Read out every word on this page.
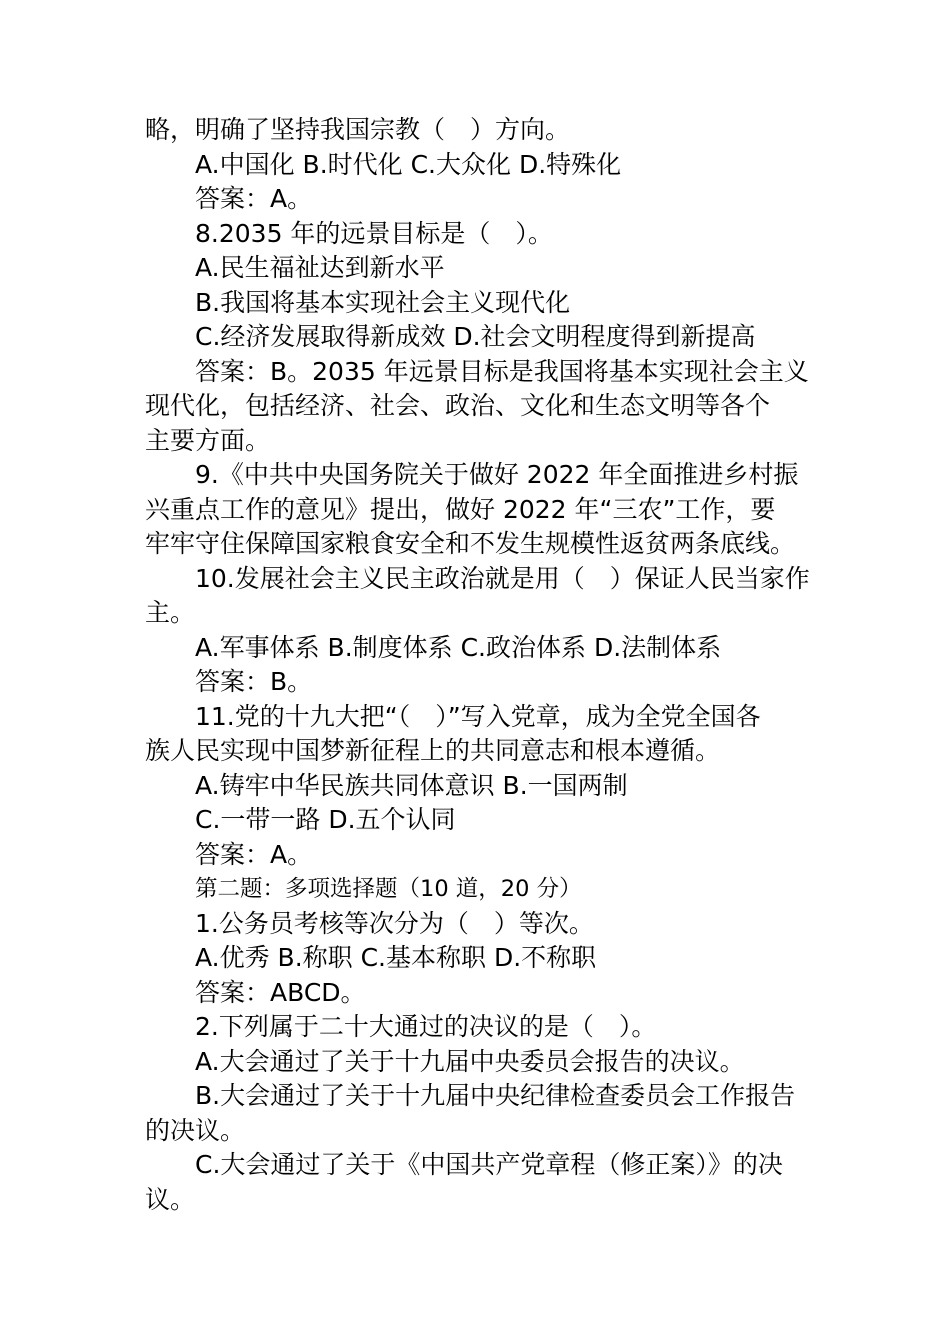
略，明确了坚持我国宗教（　）方向。

A.中国化 B.时代化 C.大众化 D.特殊化

答案：A。

8.2035 年的远景目标是（　）。

A.民生福祉达到新水平

B.我国将基本实现社会主义现代化

C.经济发展取得新成效 D.社会文明程度得到新提高

答案：B。2035 年远景目标是我国将基本实现社会主义

现代化，包括经济、社会、政治、文化和生态文明等各个

主要方面。

9.《中共中央国务院关于做好 2022 年全面推进乡村振

兴重点工作的意见》提出，做好 2022 年“三农”工作，要

牢牢守住保障国家粮食安全和不发生规模性返贫两条底线。

10.发展社会主义民主政治就是用（　）保证人民当家作

主。

A.军事体系 B.制度体系 C.政治体系 D.法制体系

答案：B。

11.党的十九大把“（　）”写入党章，成为全党全国各

族人民实现中国梦新征程上的共同意志和根本遵循。

A.铸牢中华民族共同体意识 B.一国两制

C.一带一路 D.五个认同

答案：A。

第二题：多项选择题（10 道，20 分）

1.公务员考核等次分为（　）等次。

A.优秀 B.称职 C.基本称职 D.不称职

答案：ABCD。

2.下列属于二十大通过的决议的是（　）。

A.大会通过了关于十九届中央委员会报告的决议。

B.大会通过了关于十九届中央纪律检查委员会工作报告

的决议。

C.大会通过了关于《中国共产党章程（修正案）》的决

议。
